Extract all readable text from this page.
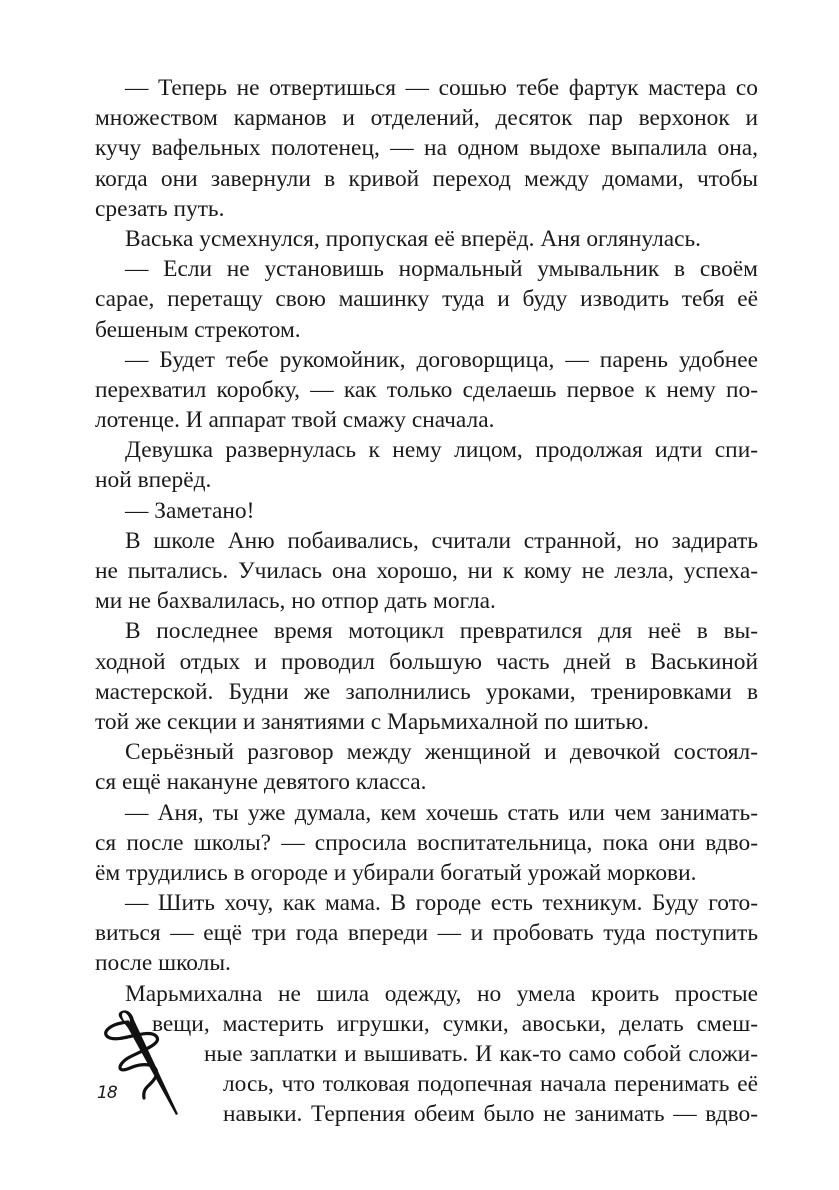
— Теперь не отвертишься — сошью тебе фартук мастера со
множеством карманов и отделений, десяток пар верхонок и
кучу вафельных полотенец, — на одном выдохе выпалила она,
когда они завернули в кривой переход между домами, чтобы
срезать путь.
Васька усмехнулся, пропуская её вперёд. Аня оглянулась.
— Если не установишь нормальный умывальник в своём
сарае, перетащу свою машинку туда и буду изводить тебя её
бешеным стрекотом.
— Будет тебе рукомойник, договорщица, — парень удобнее
перехватил коробку, — как только сделаешь первое к нему по-
лотенце. И аппарат твой смажу сначала.
Девушка развернулась к нему лицом, продолжая идти спи-
ной вперёд.
— Заметано!
В школе Аню побаивались, считали странной, но задирать
не пытались. Училась она хорошо, ни к кому не лезла, успеха-
ми не бахвалилась, но отпор дать могла.
В последнее время мотоцикл превратился для неё в вы-
ходной отдых и проводил большую часть дней в Васькиной
мастерской. Будни же заполнились уроками, тренировками в
той же секции и занятиями с Марьмихалной по шитью.
Серьёзный разговор между женщиной и девочкой состоял-
ся ещё накануне девятого класса.
— Аня, ты уже думала, кем хочешь стать или чем занимать-
ся после школы? — спросила воспитательница, пока они вдво-
ём трудились в огороде и убирали богатый урожай моркови.
— Шить хочу, как мама. В городе есть техникум. Буду гото-
виться — ещё три года впереди — и пробовать туда поступить
после школы.
Марьмихална не шила одежду, но умела кроить простые
вещи, мастерить игрушки, сумки, авоськи, делать смеш-
ные заплатки и вышивать. И как-то само собой сложи-
лось, что толковая подопечная начала перенимать её
навыки. Терпения обеим было не занимать — вдво-
18
